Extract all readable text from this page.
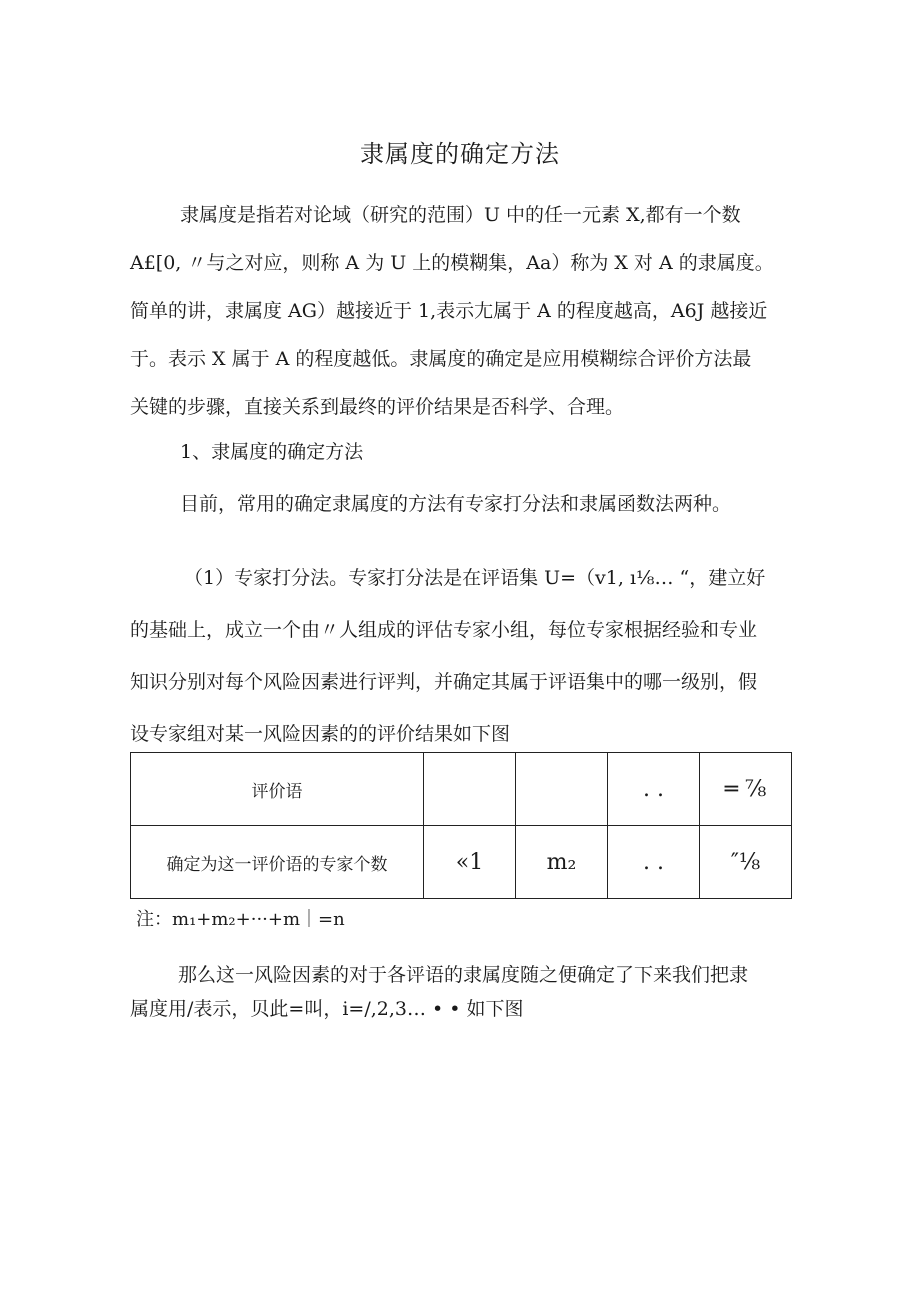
隶属度的确定方法
隶属度是指若对论域（研究的范围）U 中的任一元素 X,都有一个数
A£[0, 〃与之对应，则称 A 为 U 上的模糊集，Aa）称为 X 对 A 的隶属度。
简单的讲，隶属度 AG）越接近于 1,表示尢属于 A 的程度越高，A6J 越接近
于。表示 X 属于 A 的程度越低。隶属度的确定是应用模糊综合评价方法最
关键的步骤，直接关系到最终的评价结果是否科学、合理。
1、隶属度的确定方法
目前，常用的确定隶属度的方法有专家打分法和隶属函数法两种。
（1）专家打分法。专家打分法是在评语集 U=（v1, ı⅛… “，建立好
的基础上，成立一个由〃人组成的评估专家小组，每位专家根据经验和专业
知识分别对每个风险因素进行评判，并确定其属于评语集中的哪一级别，假
设专家组对某一风险因素的的评价结果如下图
评价语			. .	═ ⅞
确定为这一评价语的专家个数	«1	m₂	. .	″⅛
注：m₁+m₂+···+m｜=n
那么这一风险因素的对于各评语的隶属度随之便确定了下来我们把隶
属度用/表示，贝此=叫，i=/,2,3… • • 如下图
